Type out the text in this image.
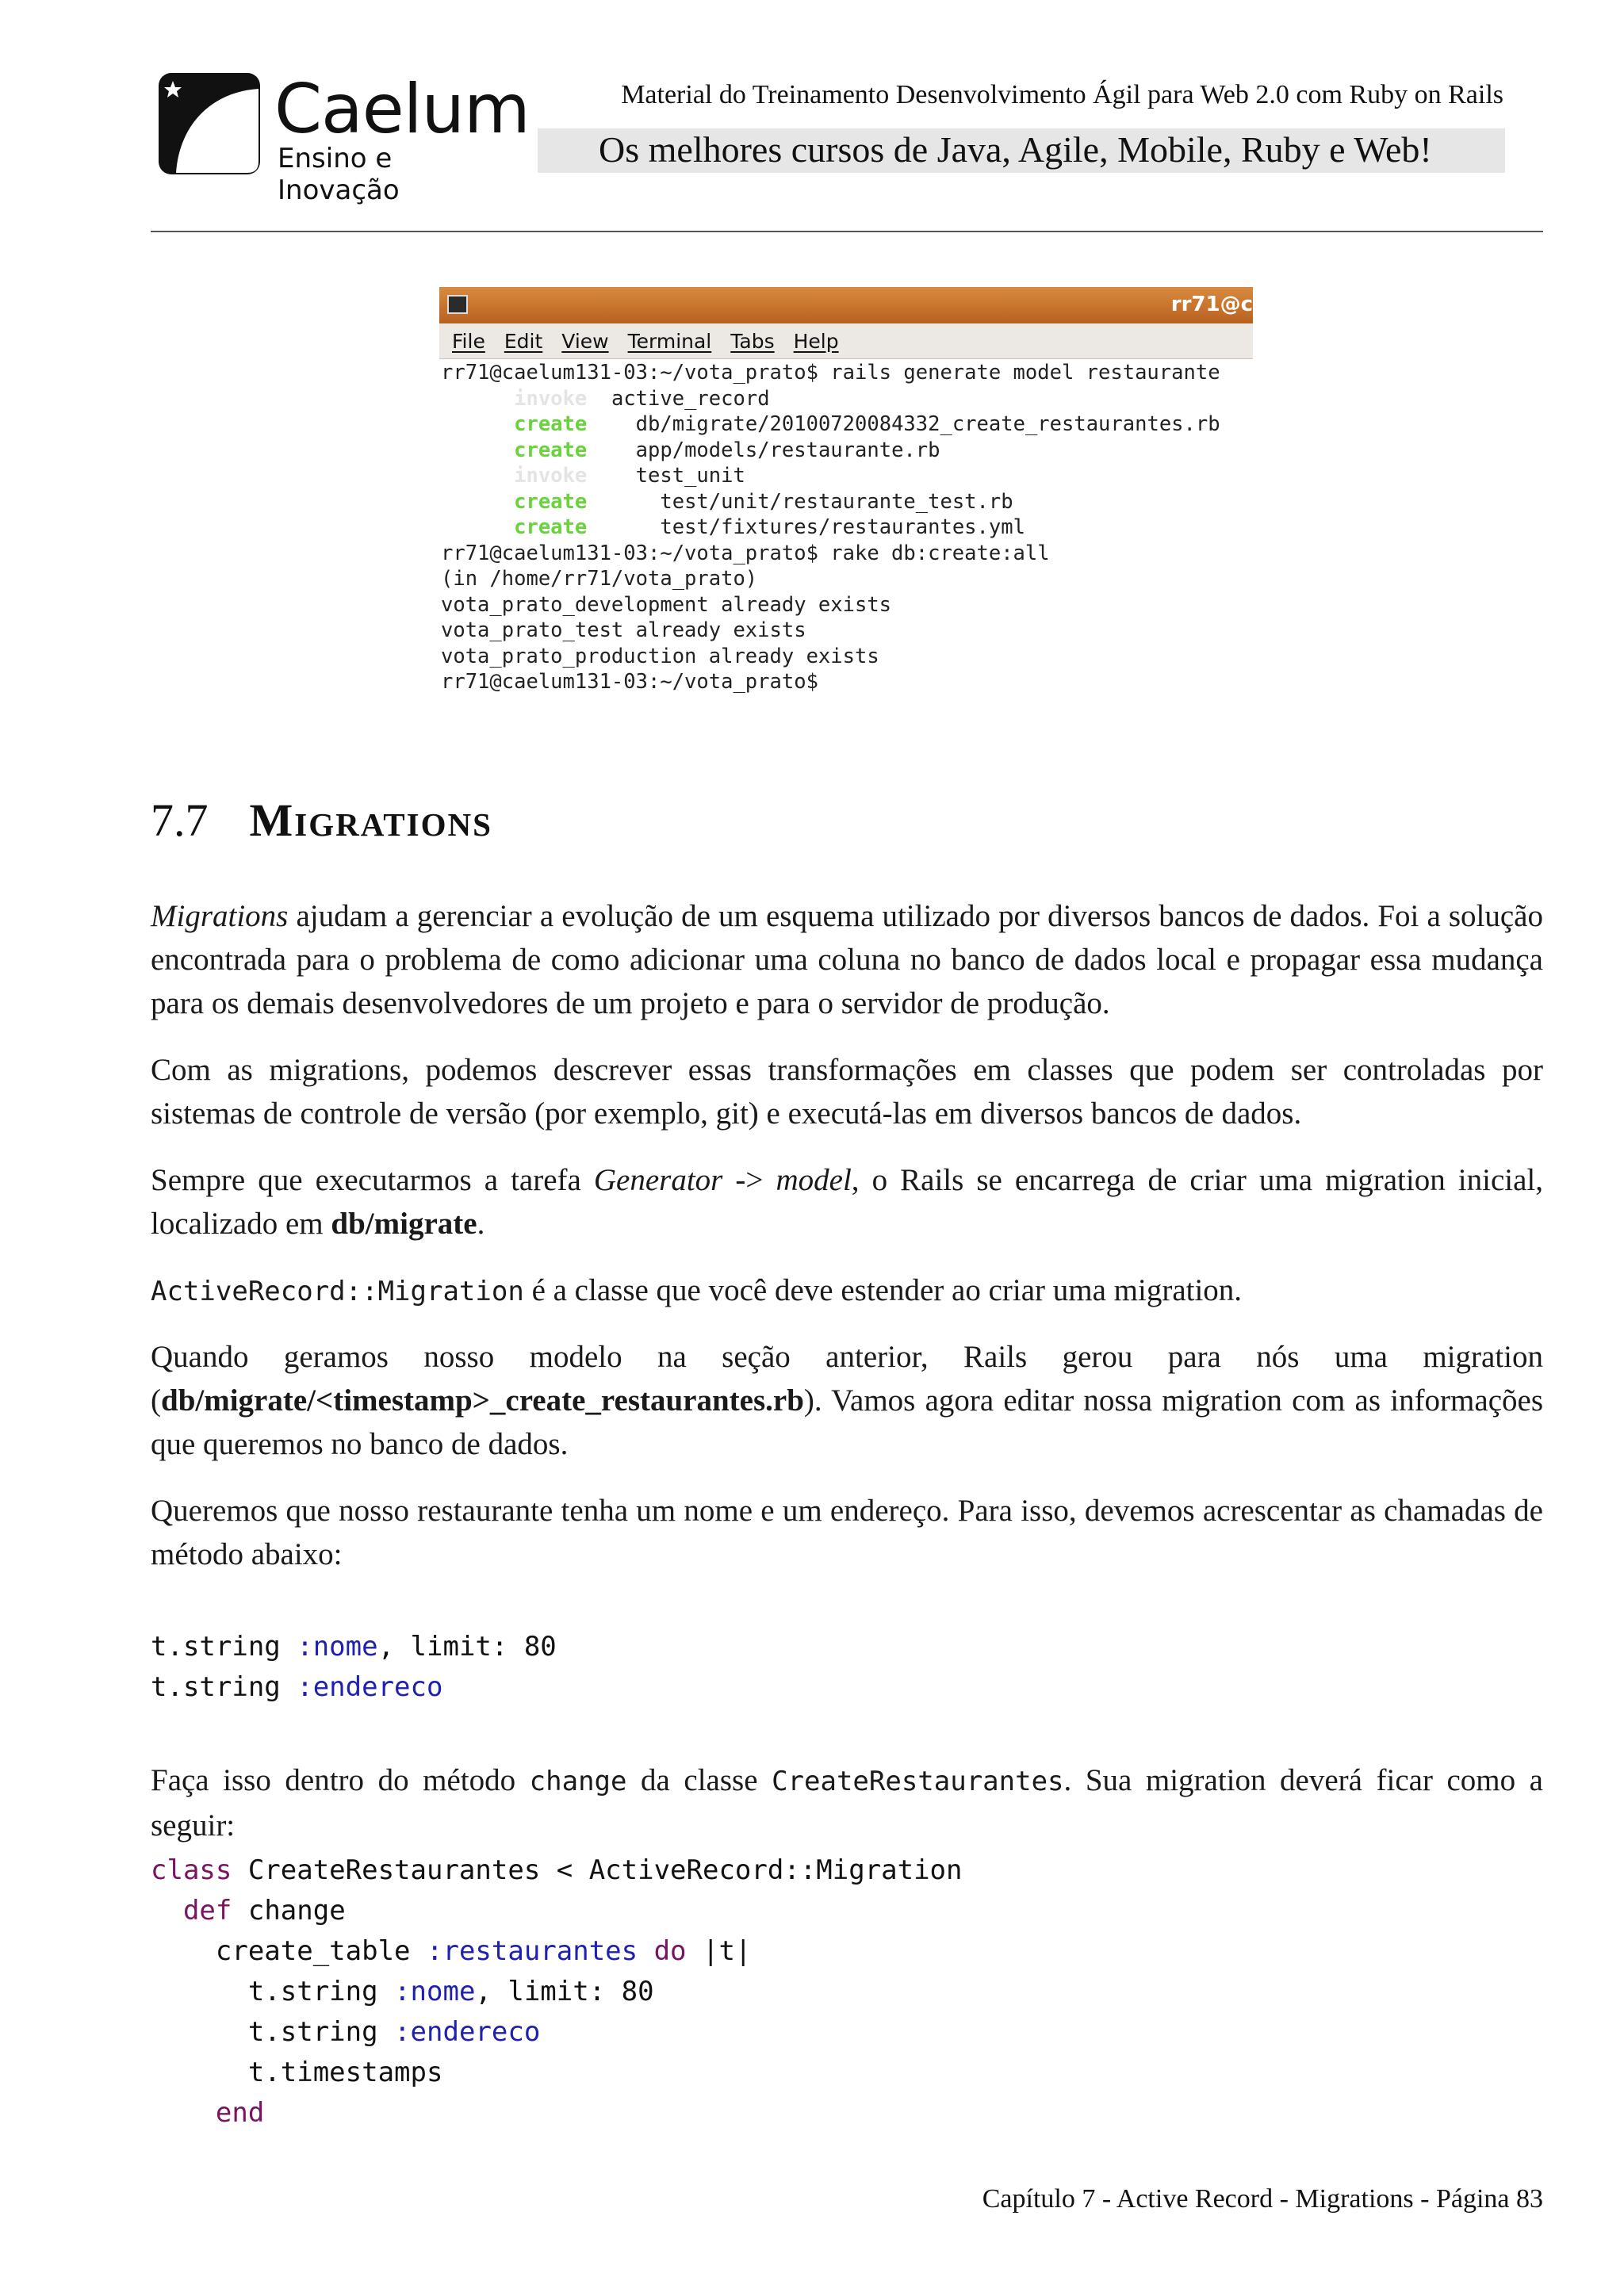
Caelum
Ensino e Inovação
Material do Treinamento Desenvolvimento Ágil para Web 2.0 com Ruby on Rails
Os melhores cursos de Java, Agile, Mobile, Ruby e Web!
rr71@c
File Edit View Terminal Tabs Help
rr71@caelum131-03:~/vota_prato$ rails generate model restaurante
invoke active_record
create db/migrate/20100720084332_create_restaurantes.rb
create app/models/restaurante.rb
invoke test_unit
create	test/unit/restaurante_test.rb
create	test/fixtures/restaurantes.yml
rr71@caelum131-03:~/vota_prato$ rake db:create:all
(in /home/rr71/vota_prato)
vota_prato_development already exists
vota_prato_test already exists
vota_prato_production already exists
rr71@caelum131-03:~/vota_prato$
7.7 Migrations
Migrations ajudam a gerenciar a evolução de um esquema utilizado por diversos bancos de dados. Foi a solução encontrada para o problema de como adicionar uma coluna no banco de dados local e propagar essa mudança para os demais desenvolvedores de um projeto e para o servidor de produção.
Com as migrations, podemos descrever essas transformações em classes que podem ser controladas por sistemas de controle de versão (por exemplo, git) e executá-las em diversos bancos de dados.
Sempre que executarmos a tarefa Generator -> model, o Rails se encarrega de criar uma migration inicial, localizado em db/migrate.
ActiveRecord::Migration é a classe que você deve estender ao criar uma migration.
Quando geramos nosso modelo na seção anterior, Rails gerou para nós uma migration (db/migrate/<timestamp>_create_restaurantes.rb). Vamos agora editar nossa migration com as informações que queremos no banco de dados.
Queremos que nosso restaurante tenha um nome e um endereço. Para isso, devemos acrescentar as chamadas de método abaixo:
t.string :nome, limit: 80
t.string :endereco
Faça isso dentro do método change da classe CreateRestaurantes. Sua migration deverá ficar como a seguir:
class CreateRestaurantes < ActiveRecord::Migration
def change
create_table :restaurantes do |t|
t.string :nome, limit: 80
t.string :endereco
t.timestamps
end
Capítulo 7 - Active Record - Migrations - Página 83
